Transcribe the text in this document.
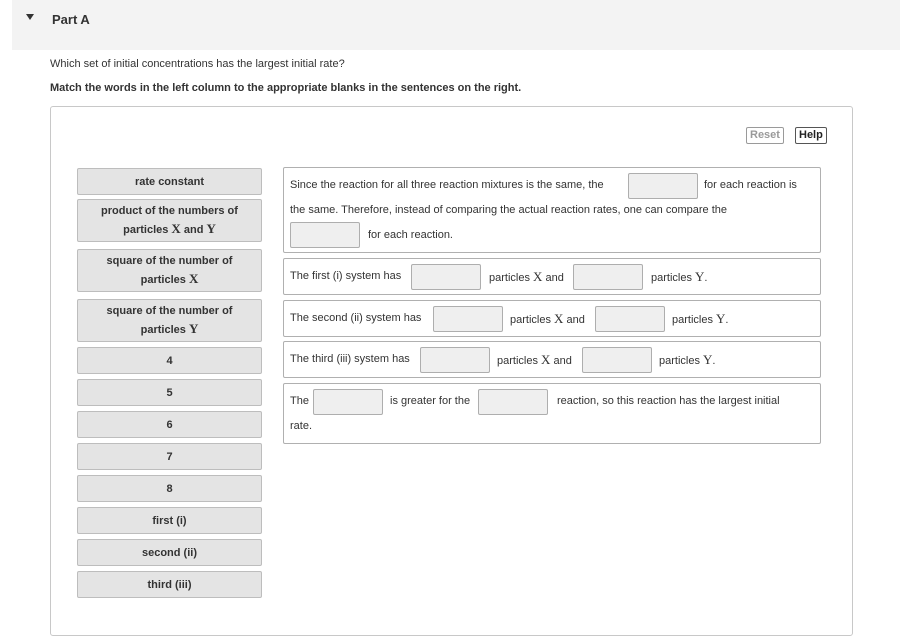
Part A
Which set of initial concentrations has the largest initial rate?
Match the words in the left column to the appropriate blanks in the sentences on the right.
Reset	Help
rate constant
product of the numbers of
particles X and Y
square of the number of
particles X
square of the number of
particles Y
4
5
6
7
8
first (i)
second (ii)
third (iii)
Since the reaction for all three reaction mixtures is the same, the	for each reaction is
the same. Therefore, instead of comparing the actual reaction rates, one can compare the
for each reaction.
The first (i) system has	particles X and	particles Y.
The second (ii) system has	particles X and	particles Y.
The third (iii) system has	particles X and	particles Y.
The	is greater for the	reaction, so this reaction has the largest initial
rate.
